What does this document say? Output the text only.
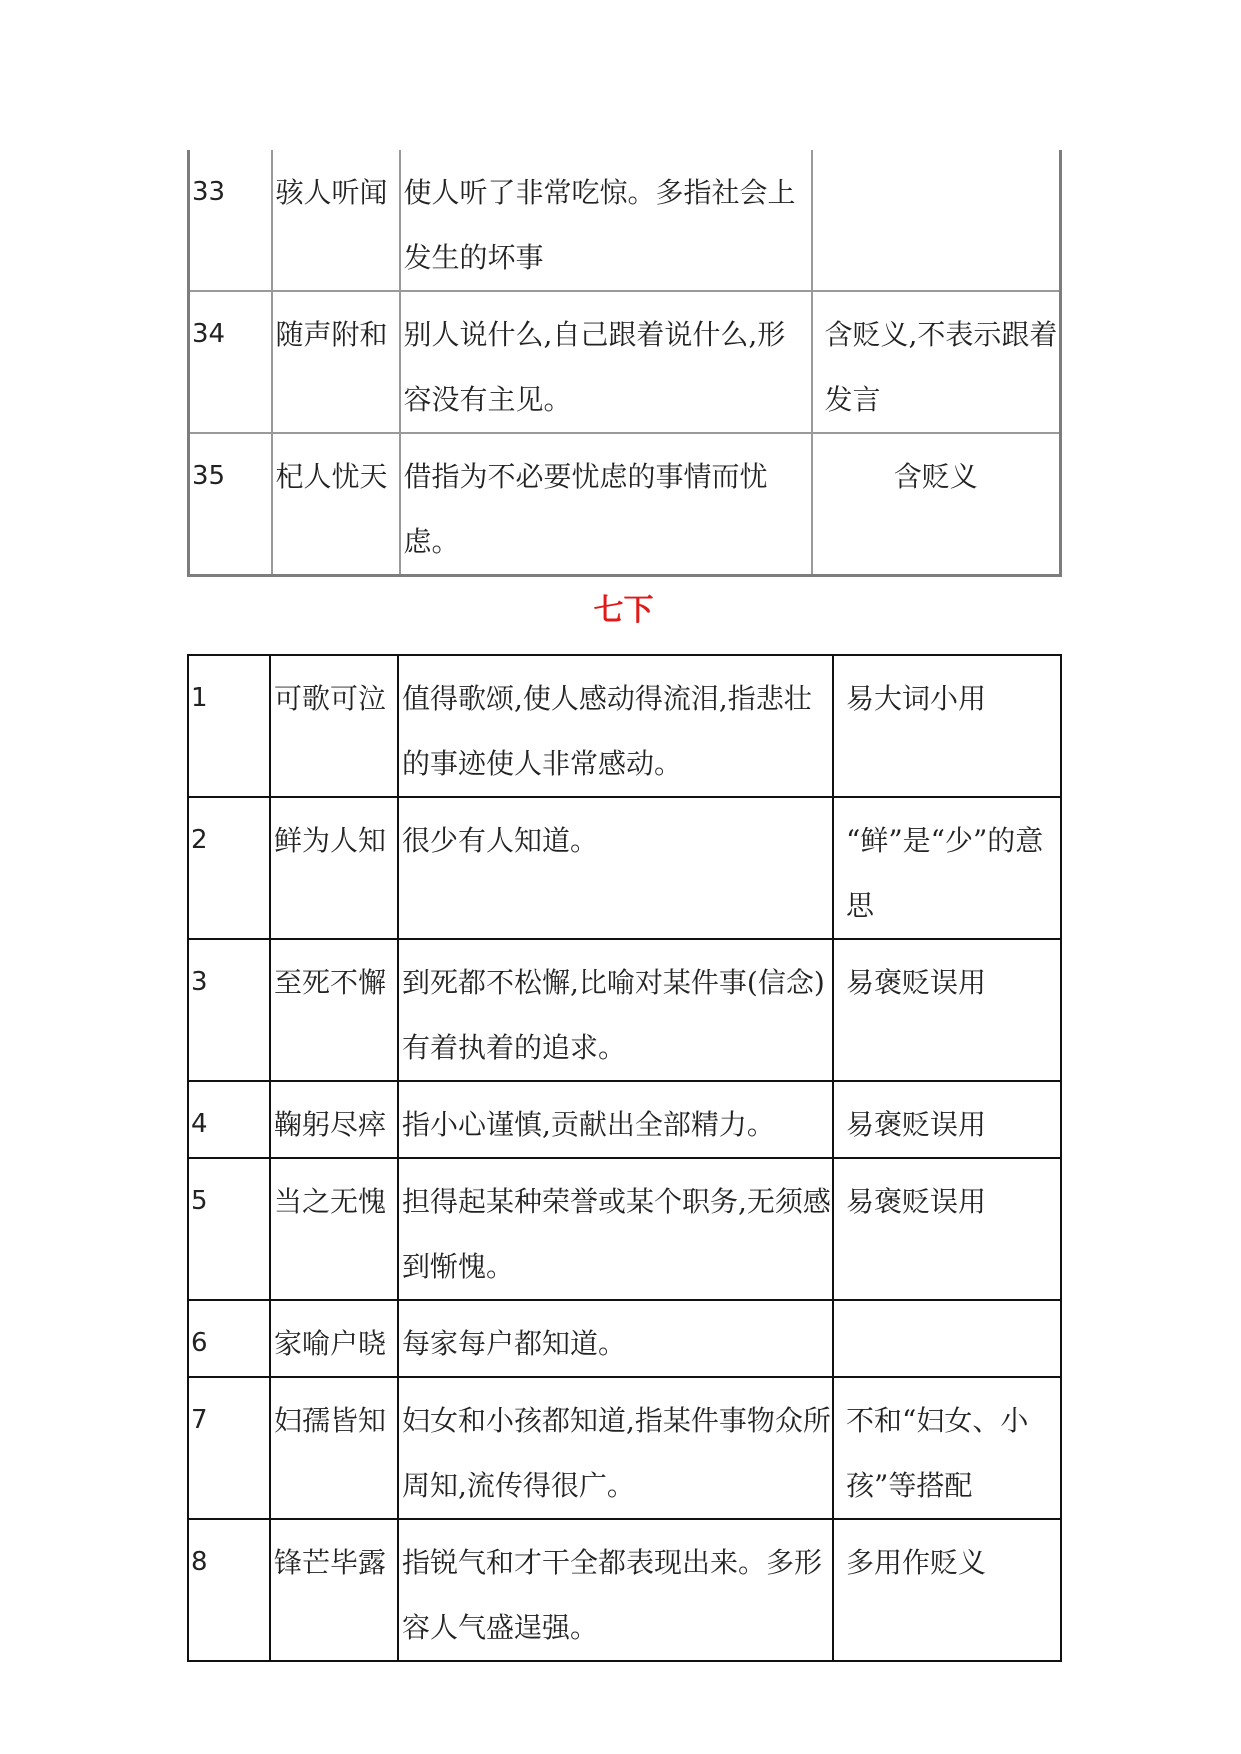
33	骇人听闻	使人听了非常吃惊。多指社会上发生的坏事	
34	随声附和	别人说什么,自己跟着说什么,形容没有主见。	含贬义,不表示跟着发言
35	杞人忧天	借指为不必要忧虑的事情而忧虑。	含贬义
七下
1	可歌可泣	值得歌颂,使人感动得流泪,指悲壮的事迹使人非常感动。	易大词小用
2	鲜为人知	很少有人知道。	“鲜”是“少”的意思
3	至死不懈	到死都不松懈,比喻对某件事(信念)有着执着的追求。	易褒贬误用
4	鞠躬尽瘁	指小心谨慎,贡献出全部精力。	易褒贬误用
5	当之无愧	担得起某种荣誉或某个职务,无须感到惭愧。	易褒贬误用
6	家喻户晓	每家每户都知道。	
7	妇孺皆知	妇女和小孩都知道,指某件事物众所周知,流传得很广。	不和“妇女、小孩”等搭配
8	锋芒毕露	指锐气和才干全都表现出来。多形容人气盛逞强。	多用作贬义
